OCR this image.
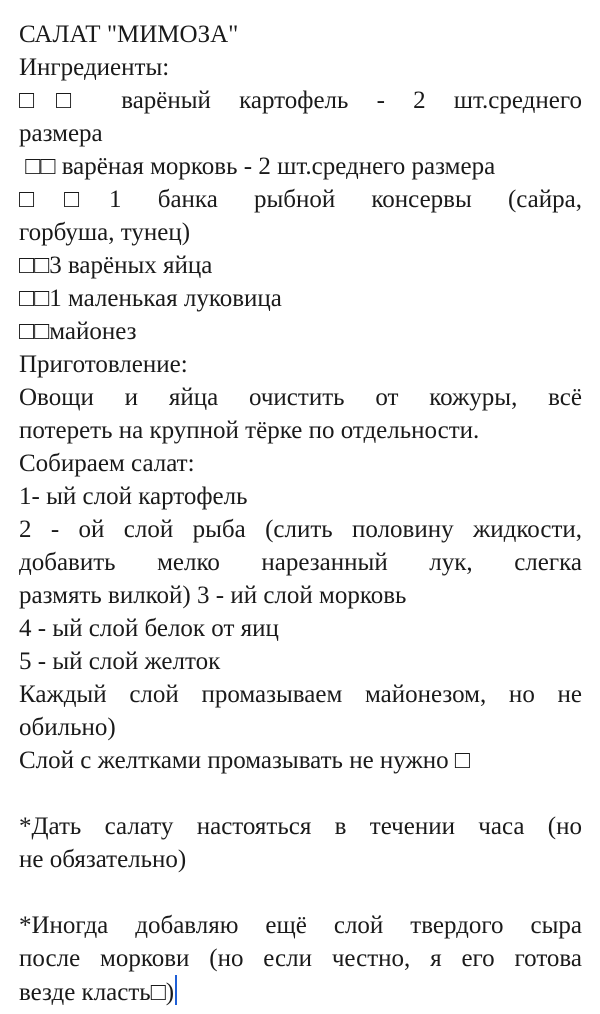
САЛАТ "МИМОЗА"
Ингредиенты:
□□ варёный картофель - 2 шт.среднего
размера
□□ варёная морковь - 2 шт.среднего размера
□□1 банка рыбной консервы (сайра,
горбуша, тунец)
□□3 варёных яйца
□□1 маленькая луковица
□□майонез
Приготовление:
Овощи и яйца очистить от кожуры, всё
потереть на крупной тёрке по отдельности.
Собираем салат:
1- ый слой картофель
2 - ой слой рыба (слить половину жидкости,
добавить мелко нарезанный лук, слегка
размять вилкой) 3 - ий слой морковь
4 - ый слой белок от яиц
5 - ый слой желток
Каждый слой промазываем майонезом, но не
обильно)
Слой с желтками промазывать не нужно □
*Дать салату настояться в течении часа (но
не обязательно)
*Иногда добавляю ещё слой твердого сыра
после моркови (но если честно, я его готова
везде класть□)
